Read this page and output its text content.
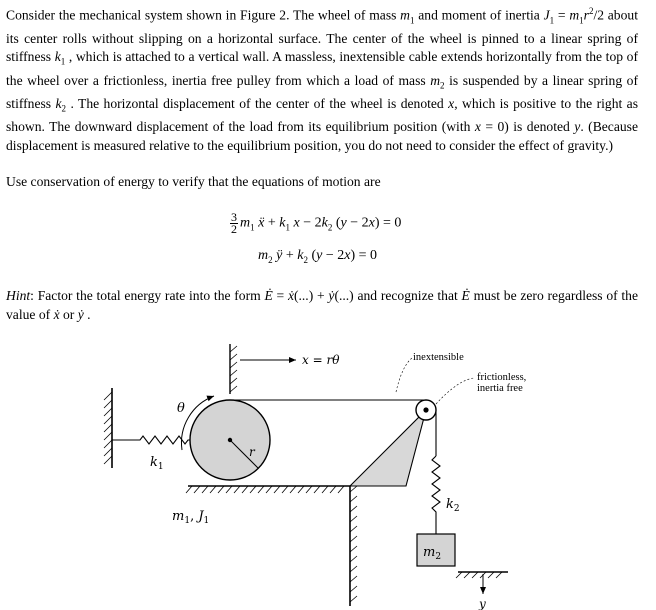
Consider the mechanical system shown in Figure 2. The wheel of mass $m_1$ and moment of inertia $J_1 = m_1r^2/2$ about its center rolls without slipping on a horizontal surface. The center of the wheel is pinned to a linear spring of stiffness $k_1$ , which is attached to a vertical wall. A massless, inextensible cable extends horizontally from the top of the wheel over a frictionless, inertia free pulley from which a load of mass $m_2$ is suspended by a linear spring of stiffness $k_2$ . The horizontal displacement of the center of the wheel is denoted x, which is positive to the right as shown. The downward displacement of the load from its equilibrium position (with x = 0) is denoted y. (Because displacement is measured relative to the equilibrium position, you do not need to consider the effect of gravity.)
Use conservation of energy to verify that the equations of motion are
$\frac{3}{2} m_1$ ẍ + $k_1$ $x - 2k_2$ (y − 2x) = 0
$m_2$ ÿ + $k_2$ (y − 2x) = 0
Hint: Factor the total energy rate into the form Ė = ẋ(...) + ẏ(...) and recognize that Ė must be zero regardless of the value of ẋ or ẏ .
$k_1$
r
θ
x = rθ	inextensible
frictionless,
inertia free
$k_2$
$m_2$
y
$m_1$, $J_1$
